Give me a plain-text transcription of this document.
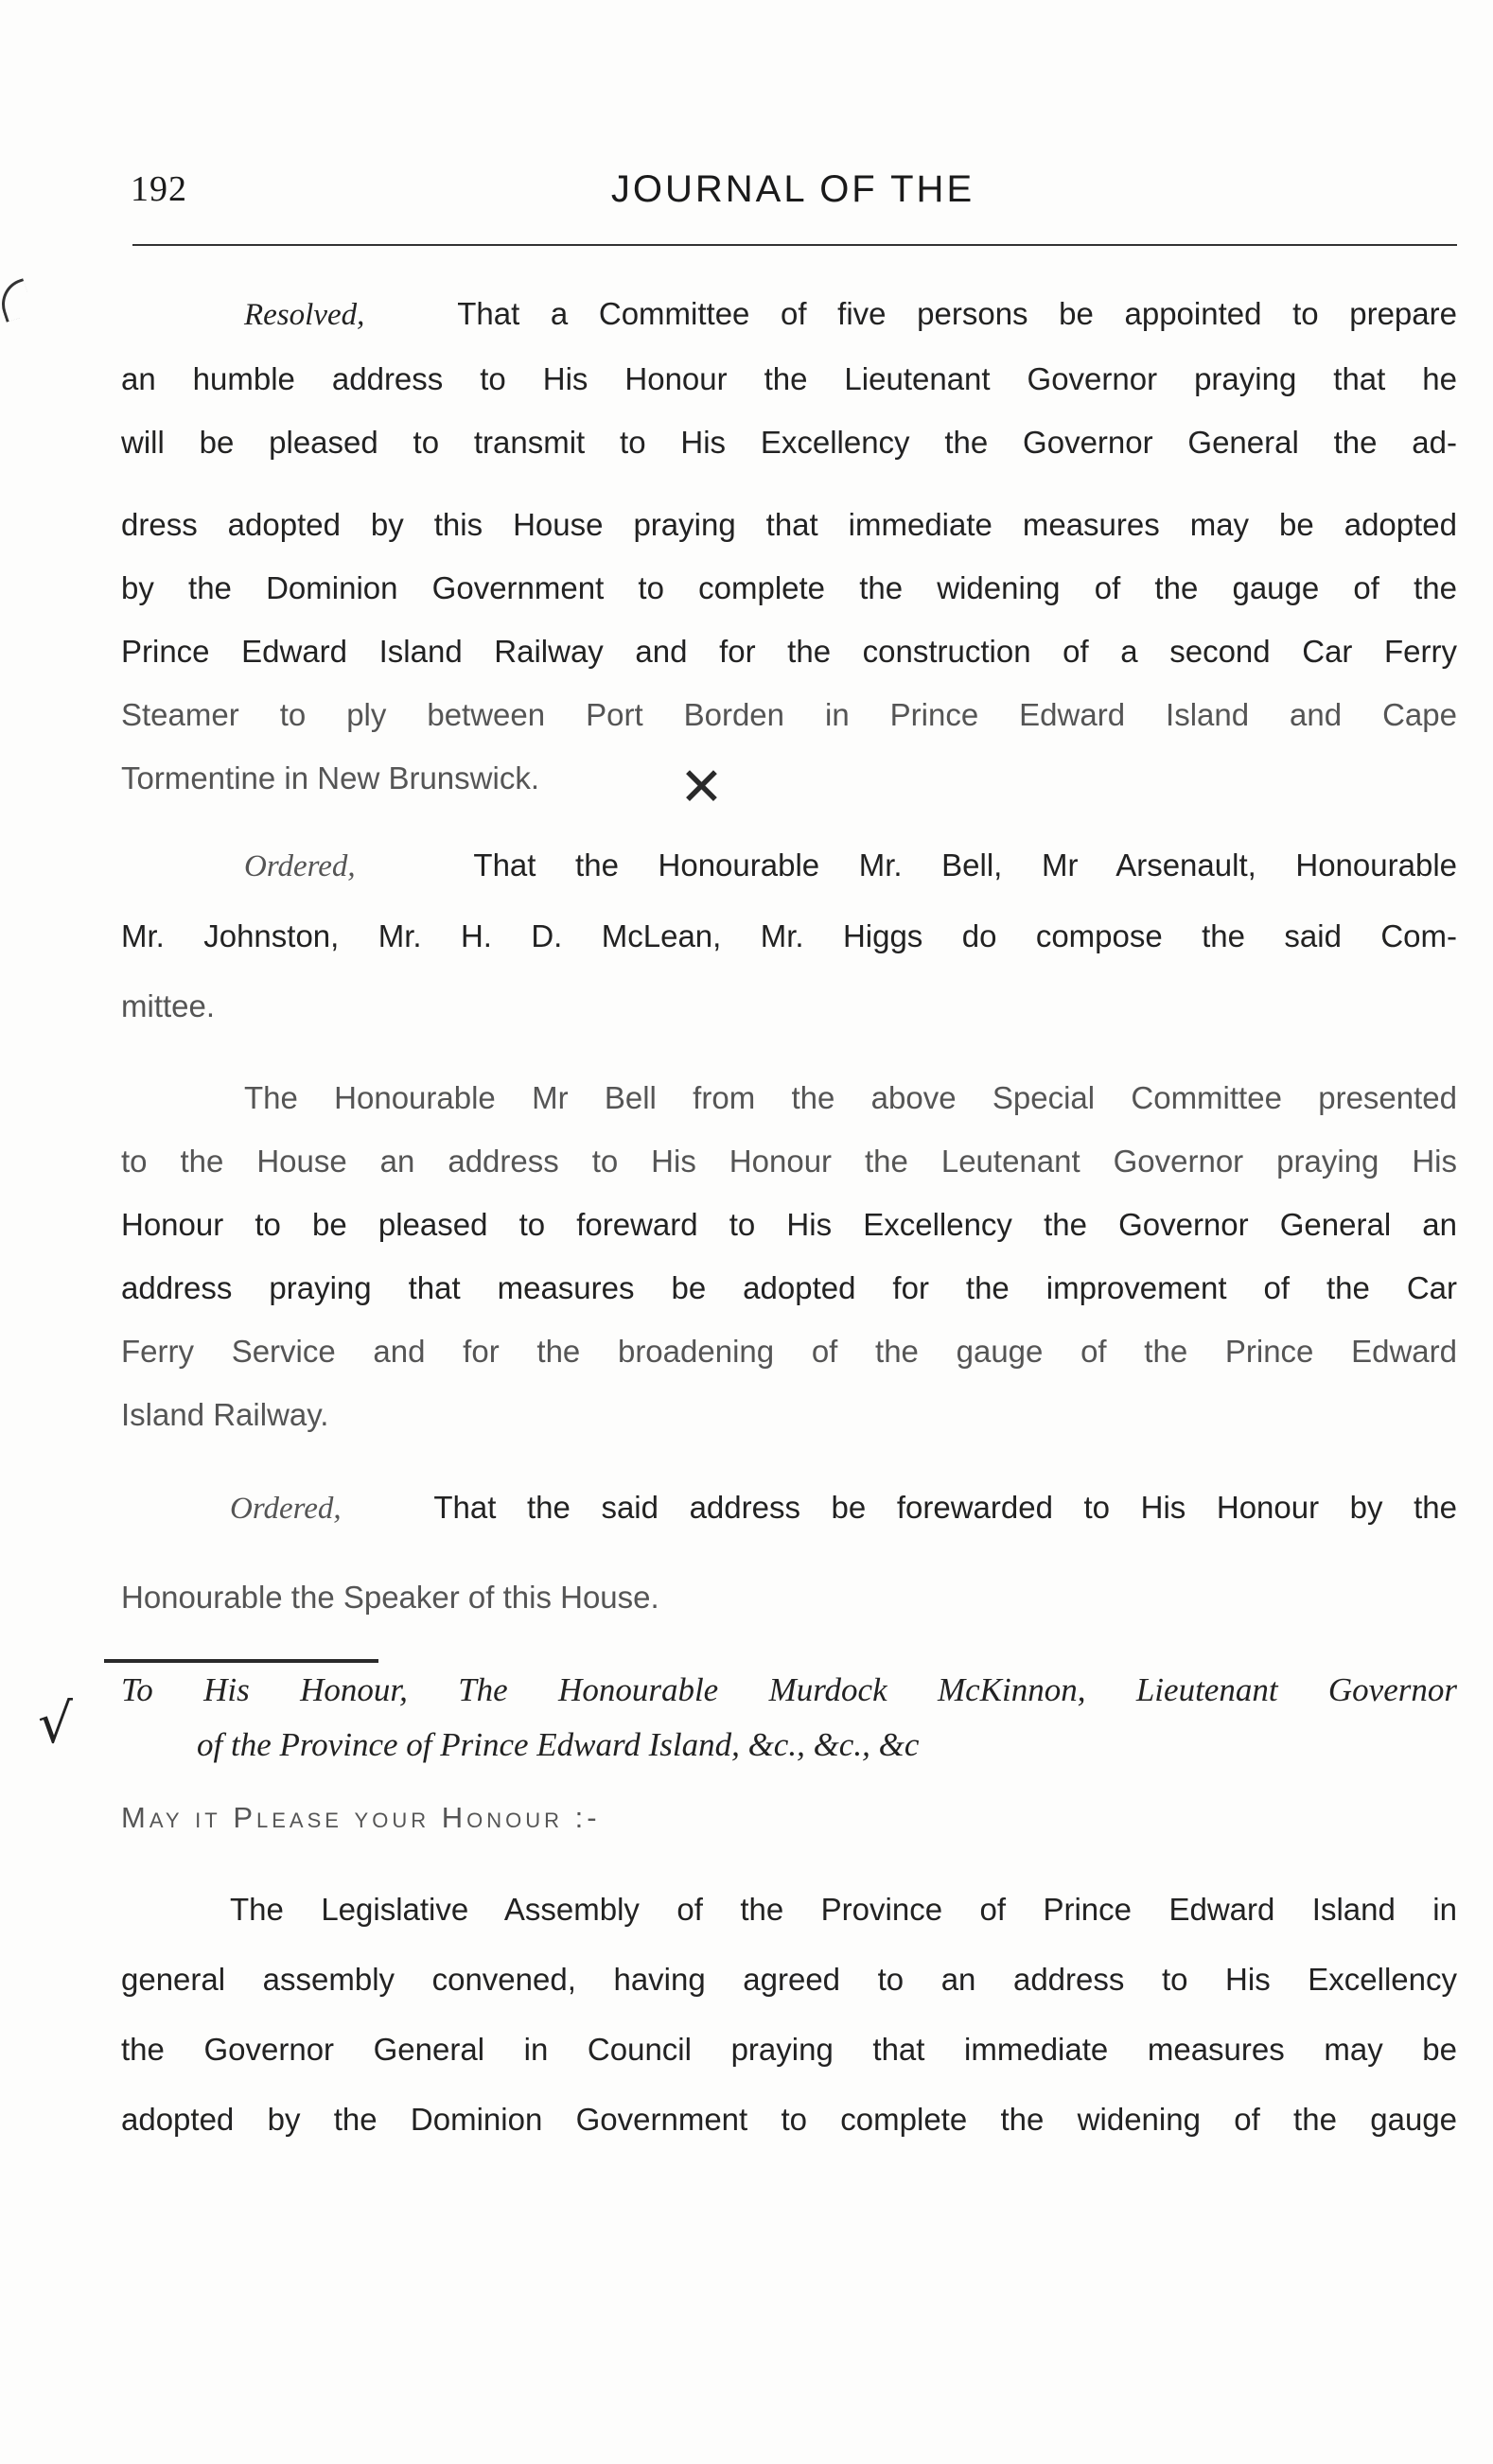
192	JOURNAL OF THE
Resolved,	That a Committee of five persons be appointed to prepare
an humble address to His Honour the Lieutenant Governor praying that he
will be pleased to transmit to His Excellency the Governor General the ad-
dress adopted by this House praying that immediate measures may be adopted
by the Dominion Government to complete the widening of the gauge of the
Prince Edward Island Railway and for the construction of a second Car Ferry
Steamer to ply between Port Borden in Prince Edward Island and Cape
Tormentine in New Brunswick.
Ordered,	That the Honourable Mr. Bell, Mr Arsenault, Honourable
Mr. Johnston, Mr. H. D. McLean, Mr. Higgs do compose the said Com-
mittee.
The Honourable Mr Bell from the above Special Committee presented
to the House an address to His Honour the Leutenant Governor praying His
Honour to be pleased to foreward to His Excellency the Governor General an
address praying that measures be adopted for the improvement of the Car
Ferry Service and for the broadening of the gauge of the Prince Edward
Island Railway.
Ordered,	That the said address be forewarded to His Honour by the
Honourable the Speaker of this House.
To His Honour, The Honourable Murdock McKinnon, Lieutenant Governor
of the Province of Prince Edward Island, &c., &c., &c
May it Please your Honour :-
The Legislative Assembly of the Province of Prince Edward Island in
general assembly convened, having agreed to an address to His Excellency
the Governor General in Council praying that immediate measures may be
adopted by the Dominion Government to complete the widening of the gauge
✕
√
